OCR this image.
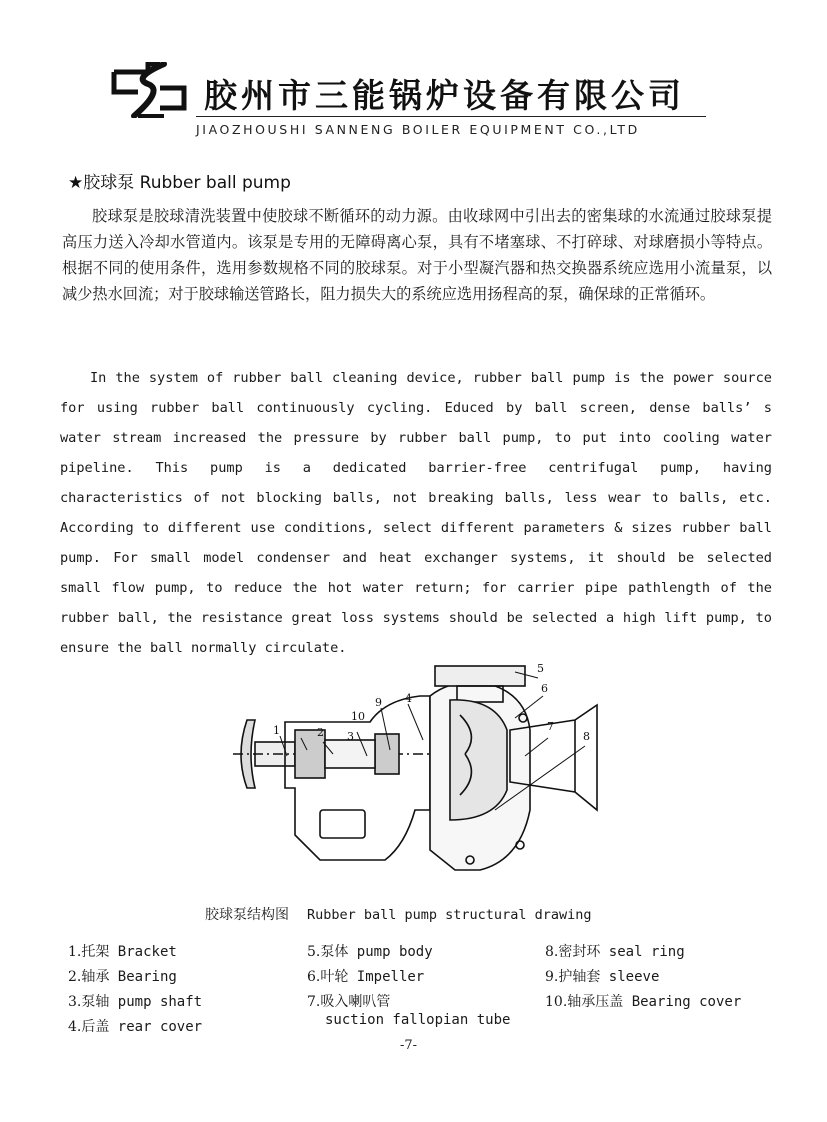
胶州市三能锅炉设备有限公司
JIAOZHOUSHI SANNENG BOILER EQUIPMENT CO.,LTD
★胶球泵 Rubber ball pump

胶球泵是胶球清洗装置中使胶球不断循环的动力源。由收球网中引出去的密集球的水流通过胶球泵提高压力送入冷却水管道内。该泵是专用的无障碍离心泵，具有不堵塞球、不打碎球、对球磨损小等特点。根据不同的使用条件，选用参数规格不同的胶球泵。对于小型凝汽器和热交换器系统应选用小流量泵，以减少热水回流；对于胶球输送管路长，阻力损失大的系统应选用扬程高的泵，确保球的正常循环。

In the system of rubber ball cleaning device, rubber ball pump is the power source for using rubber ball continuously cycling. Educed by ball screen, dense balls’ s water stream increased the pressure by rubber ball pump, to put into cooling water pipeline. This pump is a dedicated barrier-free centrifugal pump, having characteristics of not blocking balls, not breaking balls, less wear to balls, etc. According to different use conditions, select different parameters & sizes rubber ball pump. For small model condenser and heat exchanger systems, it should be selected small flow pump, to reduce the hot water return; for carrier pipe pathlength of the rubber ball, the resistance great loss systems should be selected a high lift pump, to ensure the ball normally circulate.

1	2 3
4
5
6
7
8
9
10
胶球泵结构图 Rubber ball pump structural drawing
1.托架 Bracket
2.轴承 Bearing
3.泵轴 pump shaft
4.后盖 rear cover
5.泵体 pump body
6.叶轮 Impeller
7.吸入喇叭管
suction fallopian tube
8.密封环 seal ring
9.护轴套 sleeve
10.轴承压盖 Bearing cover
-7-
